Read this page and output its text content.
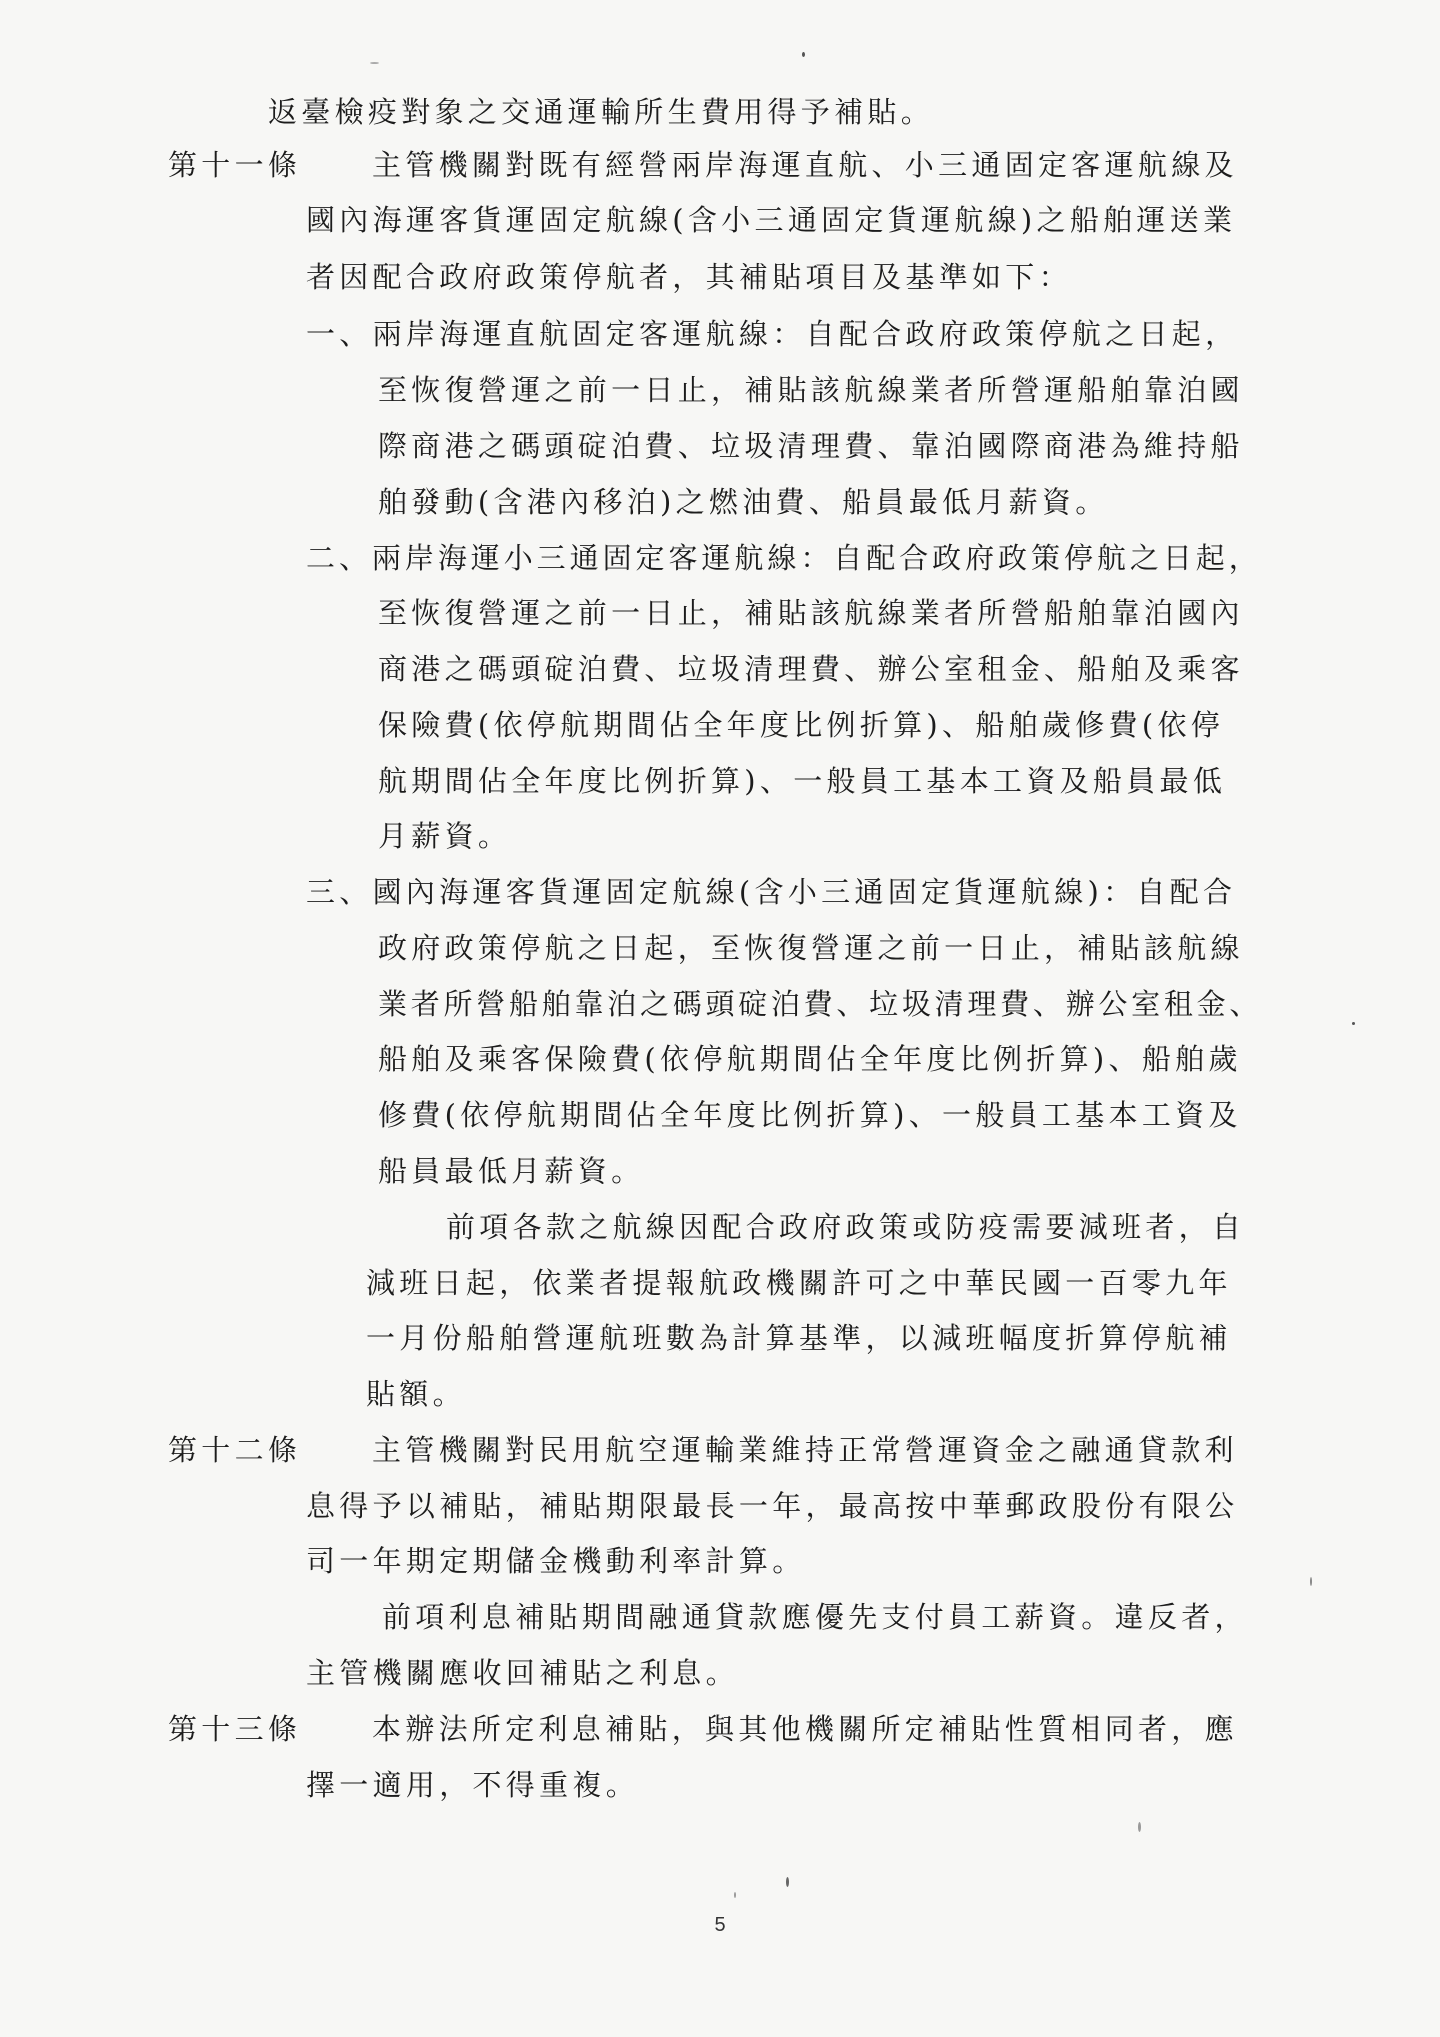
返臺檢疫對象之交通運輸所生費用得予補貼。
主管機關對既有經營兩岸海運直航、小三通固定客運航線及
國內海運客貨運固定航線(含小三通固定貨運航線)之船舶運送業
者因配合政府政策停航者，其補貼項目及基準如下：
一、兩岸海運直航固定客運航線：自配合政府政策停航之日起，
至恢復營運之前一日止，補貼該航線業者所營運船舶靠泊國
際商港之碼頭碇泊費、垃圾清理費、靠泊國際商港為維持船
舶發動(含港內移泊)之燃油費、船員最低月薪資。
二、兩岸海運小三通固定客運航線：自配合政府政策停航之日起，
至恢復營運之前一日止，補貼該航線業者所營船舶靠泊國內
商港之碼頭碇泊費、垃圾清理費、辦公室租金、船舶及乘客
保險費(依停航期間佔全年度比例折算)、船舶歲修費(依停
航期間佔全年度比例折算)、一般員工基本工資及船員最低
月薪資。
三、國內海運客貨運固定航線(含小三通固定貨運航線)：自配合
政府政策停航之日起，至恢復營運之前一日止，補貼該航線
業者所營船舶靠泊之碼頭碇泊費、垃圾清理費、辦公室租金、
船舶及乘客保險費(依停航期間佔全年度比例折算)、船舶歲
修費(依停航期間佔全年度比例折算)、一般員工基本工資及
船員最低月薪資。
前項各款之航線因配合政府政策或防疫需要減班者，自
減班日起，依業者提報航政機關許可之中華民國一百零九年
一月份船舶營運航班數為計算基準，以減班幅度折算停航補
貼額。
主管機關對民用航空運輸業維持正常營運資金之融通貸款利
息得予以補貼，補貼期限最長一年，最高按中華郵政股份有限公
司一年期定期儲金機動利率計算。
前項利息補貼期間融通貸款應優先支付員工薪資。違反者，
主管機關應收回補貼之利息。
本辦法所定利息補貼，與其他機關所定補貼性質相同者，應
擇一適用，不得重複。
第十一條
第十二條
第十三條
5
